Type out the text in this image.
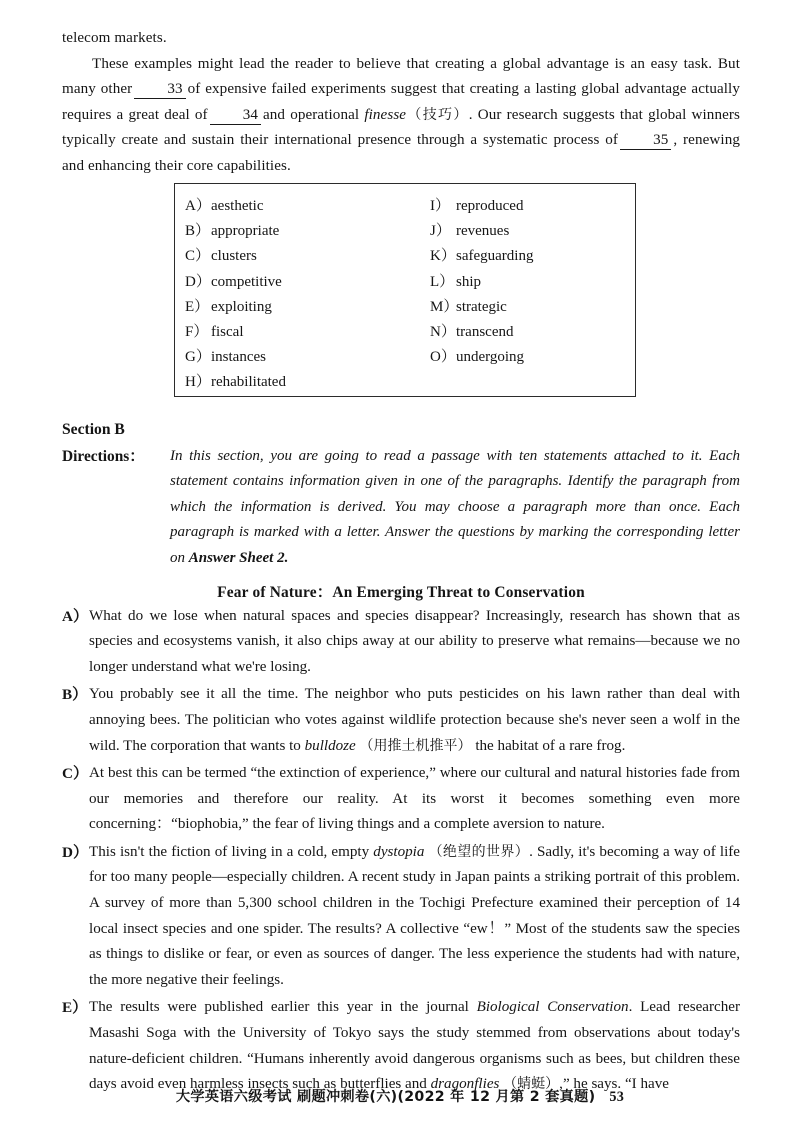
telecom markets.

These examples might lead the reader to believe that creating a global advantage is an easy task. But many other 33 of expensive failed experiments suggest that creating a lasting global advantage actually requires a great deal of 34 and operational finesse（技巧）. Our research suggests that global winners typically create and sustain their international presence through a systematic process of 35 , renewing and enhancing their core capabilities.

Section B
Directions： In this section, you are going to read a passage with ten statements attached to it. Each statement contains information given in one of the paragraphs. Identify the paragraph from which the information is derived. You may choose a paragraph more than once. Each paragraph is marked with a letter. Answer the questions by marking the corresponding letter on Answer Sheet 2.
Fear of Nature：An Emerging Threat to Conservation
A） What do we lose when natural spaces and species disappear? Increasingly, research has shown that as species and ecosystems vanish, it also chips away at our ability to preserve what remains—because we no longer understand what we're losing.
B） You probably see it all the time. The neighbor who puts pesticides on his lawn rather than deal with annoying bees. The politician who votes against wildlife protection because she's never seen a wolf in the wild. The corporation that wants to bulldoze （用推土机推平） the habitat of a rare frog.
C） At best this can be termed “the extinction of experience,” where our cultural and natural histories fade from our memories and therefore our reality. At its worst it becomes something even more concerning：“biophobia,” the fear of living things and a complete aversion to nature.
D） This isn't the fiction of living in a cold, empty dystopia （绝望的世界）. Sadly, it's becoming a way of life for too many people—especially children. A recent study in Japan paints a striking portrait of this problem. A survey of more than 5,300 school children in the Tochigi Prefecture examined their perception of 14 local insect species and one spider. The results? A collective “ew！” Most of the students saw the species as things to dislike or fear, or even as sources of danger. The less experience the students had with nature, the more negative their feelings.
E） The results were published earlier this year in the journal Biological Conservation. Lead researcher Masashi Soga with the University of Tokyo says the study stemmed from observations about today's nature-deficient children. “Humans inherently avoid dangerous organisms such as bees, but children these days avoid even harmless insects such as butterflies and dragonflies （蜻蜓）,” he says. “I have
A）aesthetic
B）appropriate
C）clusters
D）competitive
E） exploiting
F） fiscal
G）instances
H）rehabilitated
I） reproduced
J） revenues
K）safeguarding
L） ship
M）strategic
N）transcend
O）undergoing
大学英语六级考试 刷题冲刺卷(六)(2022 年 12 月第 2 套真题) 53
